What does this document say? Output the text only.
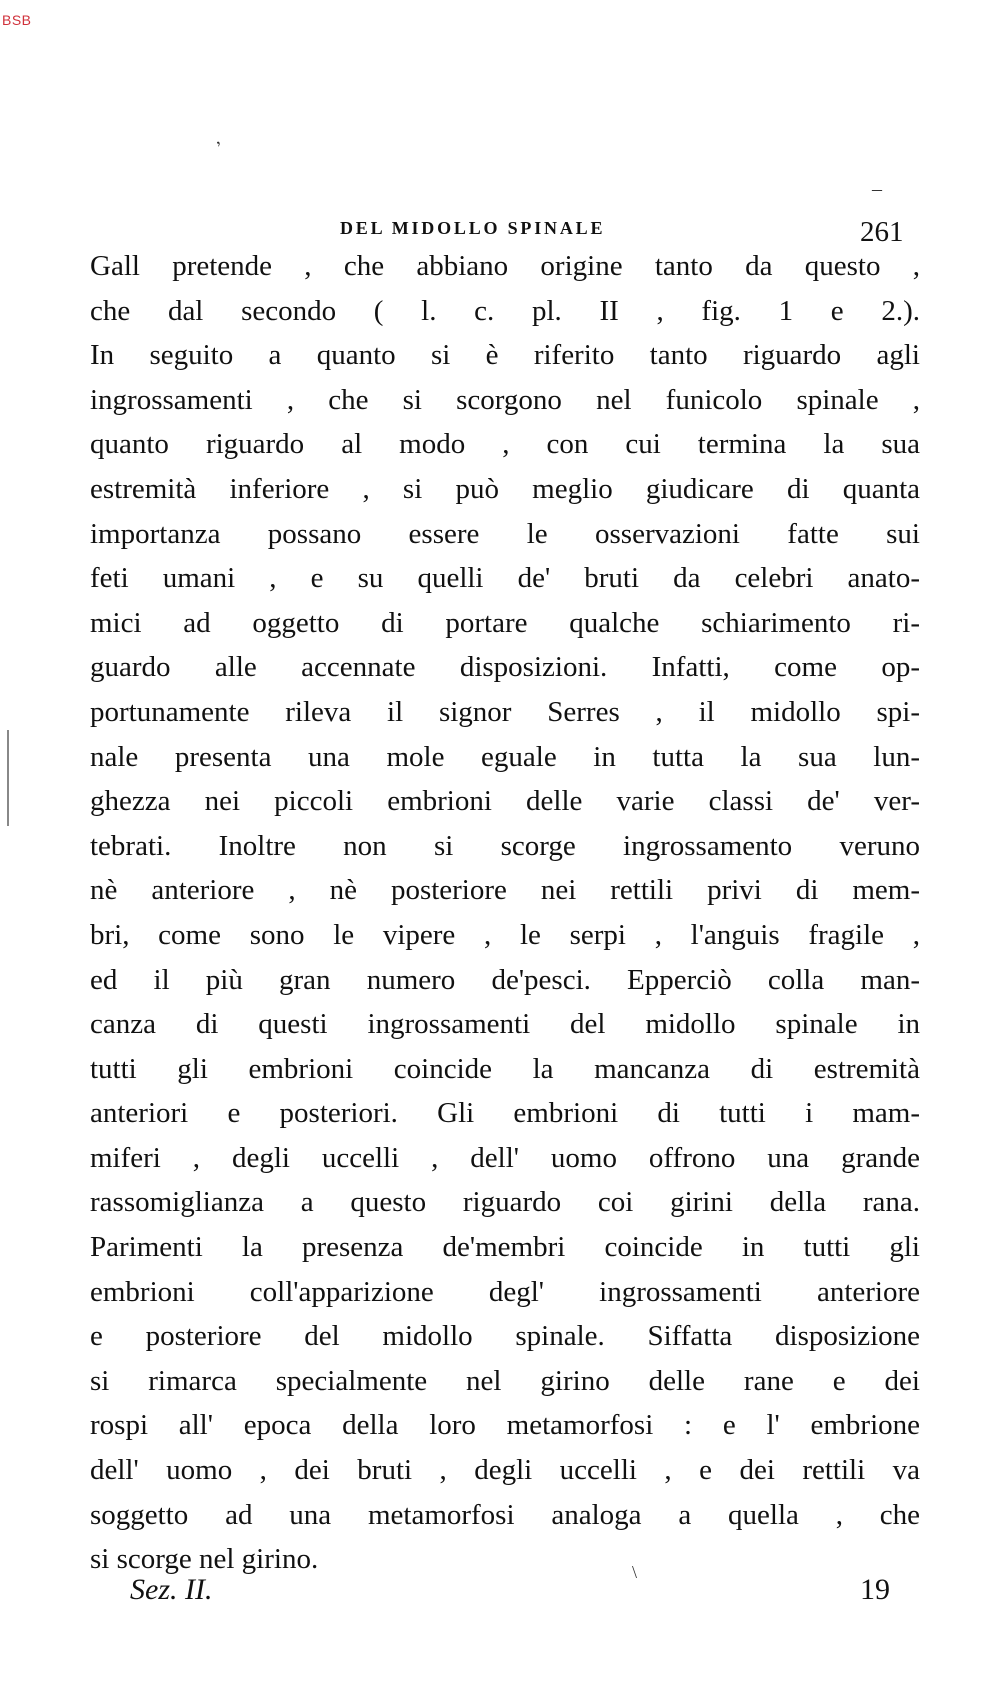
BSB
,
–
DEL MIDOLLO SPINALE	261
Gall pretende , che abbiano origine tanto da questo ,
che dal secondo ( l. c. pl. II , fig. 1 e 2.).
In seguito a quanto si è riferito tanto riguardo agli
ingrossamenti , che si scorgono nel funicolo spinale ,
quanto riguardo al modo , con cui termina la sua
estremità inferiore , si può meglio giudicare di quanta
importanza possano essere le osservazioni fatte sui
feti umani , e su quelli de' bruti da celebri anato-
mici ad oggetto di portare qualche schiarimento ri-
guardo alle accennate disposizioni. Infatti, come op-
portunamente rileva il signor Serres , il midollo spi-
nale presenta una mole eguale in tutta la sua lun-
ghezza nei piccoli embrioni delle varie classi de' ver-
tebrati. Inoltre non si scorge ingrossamento veruno
nè anteriore , nè posteriore nei rettili privi di mem-
bri, come sono le vipere , le serpi , l'anguis fragile ,
ed il più gran numero de'pesci. Epperciò colla man-
canza di questi ingrossamenti del midollo spinale in
tutti gli embrioni coincide la mancanza di estremità
anteriori e posteriori. Gli embrioni di tutti i mam-
miferi , degli uccelli , dell' uomo offrono una grande
rassomiglianza a questo riguardo coi girini della rana.
Parimenti la presenza de'membri coincide in tutti gli
embrioni coll'apparizione degl' ingrossamenti anteriore
e posteriore del midollo spinale. Siffatta disposizione
si rimarca specialmente nel girino delle rane e dei
rospi all' epoca della loro metamorfosi : e l' embrione
dell' uomo , dei bruti , degli uccelli , e dei rettili va
soggetto ad una metamorfosi analoga a quella , che
si scorge nel girino.	\
Sez. II.	19
